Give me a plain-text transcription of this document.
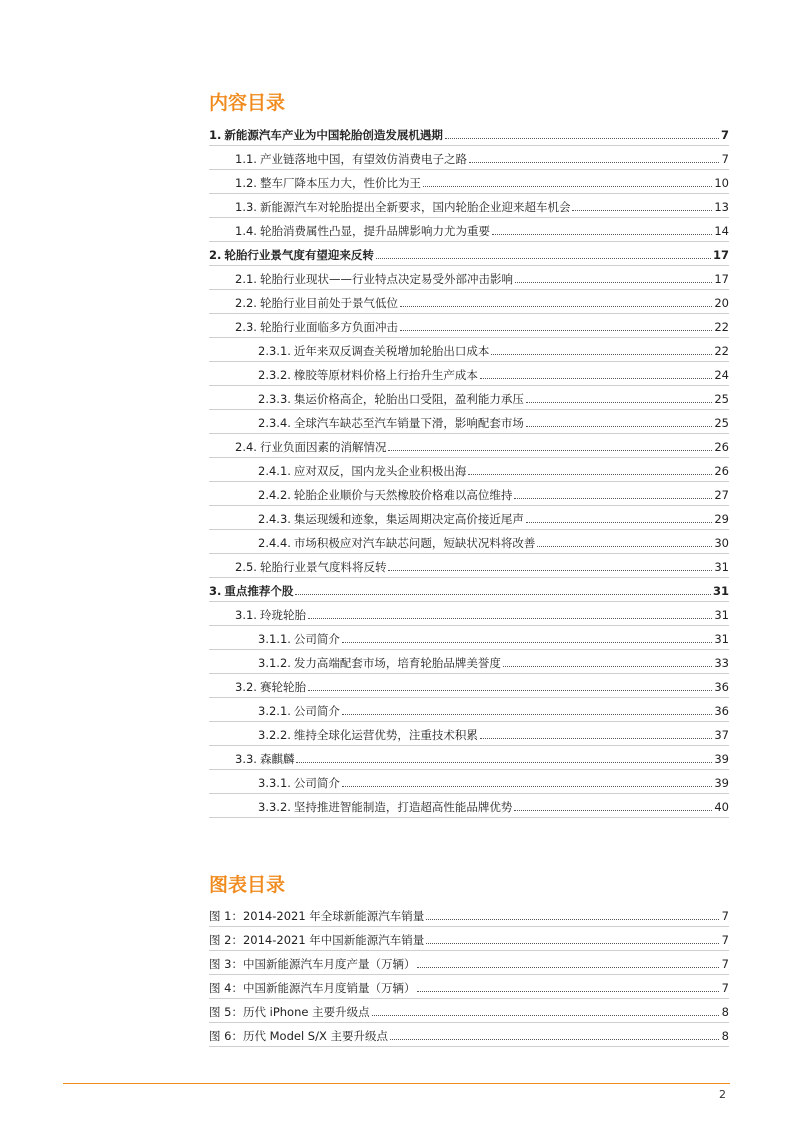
内容目录
1. 新能源汽车产业为中国轮胎创造发展机遇期	7
1.1. 产业链落地中国，有望效仿消费电子之路	7
1.2. 整车厂降本压力大，性价比为王	10
1.3. 新能源汽车对轮胎提出全新要求，国内轮胎企业迎来超车机会	13
1.4. 轮胎消费属性凸显，提升品牌影响力尤为重要	14
2. 轮胎行业景气度有望迎来反转	17
2.1. 轮胎行业现状——行业特点决定易受外部冲击影响	17
2.2. 轮胎行业目前处于景气低位	20
2.3. 轮胎行业面临多方负面冲击	22
2.3.1. 近年来双反调查关税增加轮胎出口成本	22
2.3.2. 橡胶等原材料价格上行抬升生产成本	24
2.3.3. 集运价格高企，轮胎出口受阻，盈利能力承压	25
2.3.4. 全球汽车缺芯至汽车销量下滑，影响配套市场	25
2.4. 行业负面因素的消解情况	26
2.4.1. 应对双反，国内龙头企业积极出海	26
2.4.2. 轮胎企业顺价与天然橡胶价格难以高位维持	27
2.4.3. 集运现缓和迹象，集运周期决定高价接近尾声	29
2.4.4. 市场积极应对汽车缺芯问题，短缺状况料将改善	30
2.5. 轮胎行业景气度料将反转	31
3. 重点推荐个股	31
3.1. 玲珑轮胎	31
3.1.1. 公司简介	31
3.1.2. 发力高端配套市场，培育轮胎品牌美誉度	33
3.2. 赛轮轮胎	36
3.2.1. 公司简介	36
3.2.2. 维持全球化运营优势，注重技术积累	37
3.3. 森麒麟	39
3.3.1. 公司简介	39
3.3.2. 坚持推进智能制造，打造超高性能品牌优势	40
图表目录
图 1：2014-2021 年全球新能源汽车销量	7
图 2：2014-2021 年中国新能源汽车销量	7
图 3：中国新能源汽车月度产量（万辆）	7
图 4：中国新能源汽车月度销量（万辆）	7
图 5：历代 iPhone 主要升级点	8
图 6：历代 Model S/X 主要升级点	8
2
